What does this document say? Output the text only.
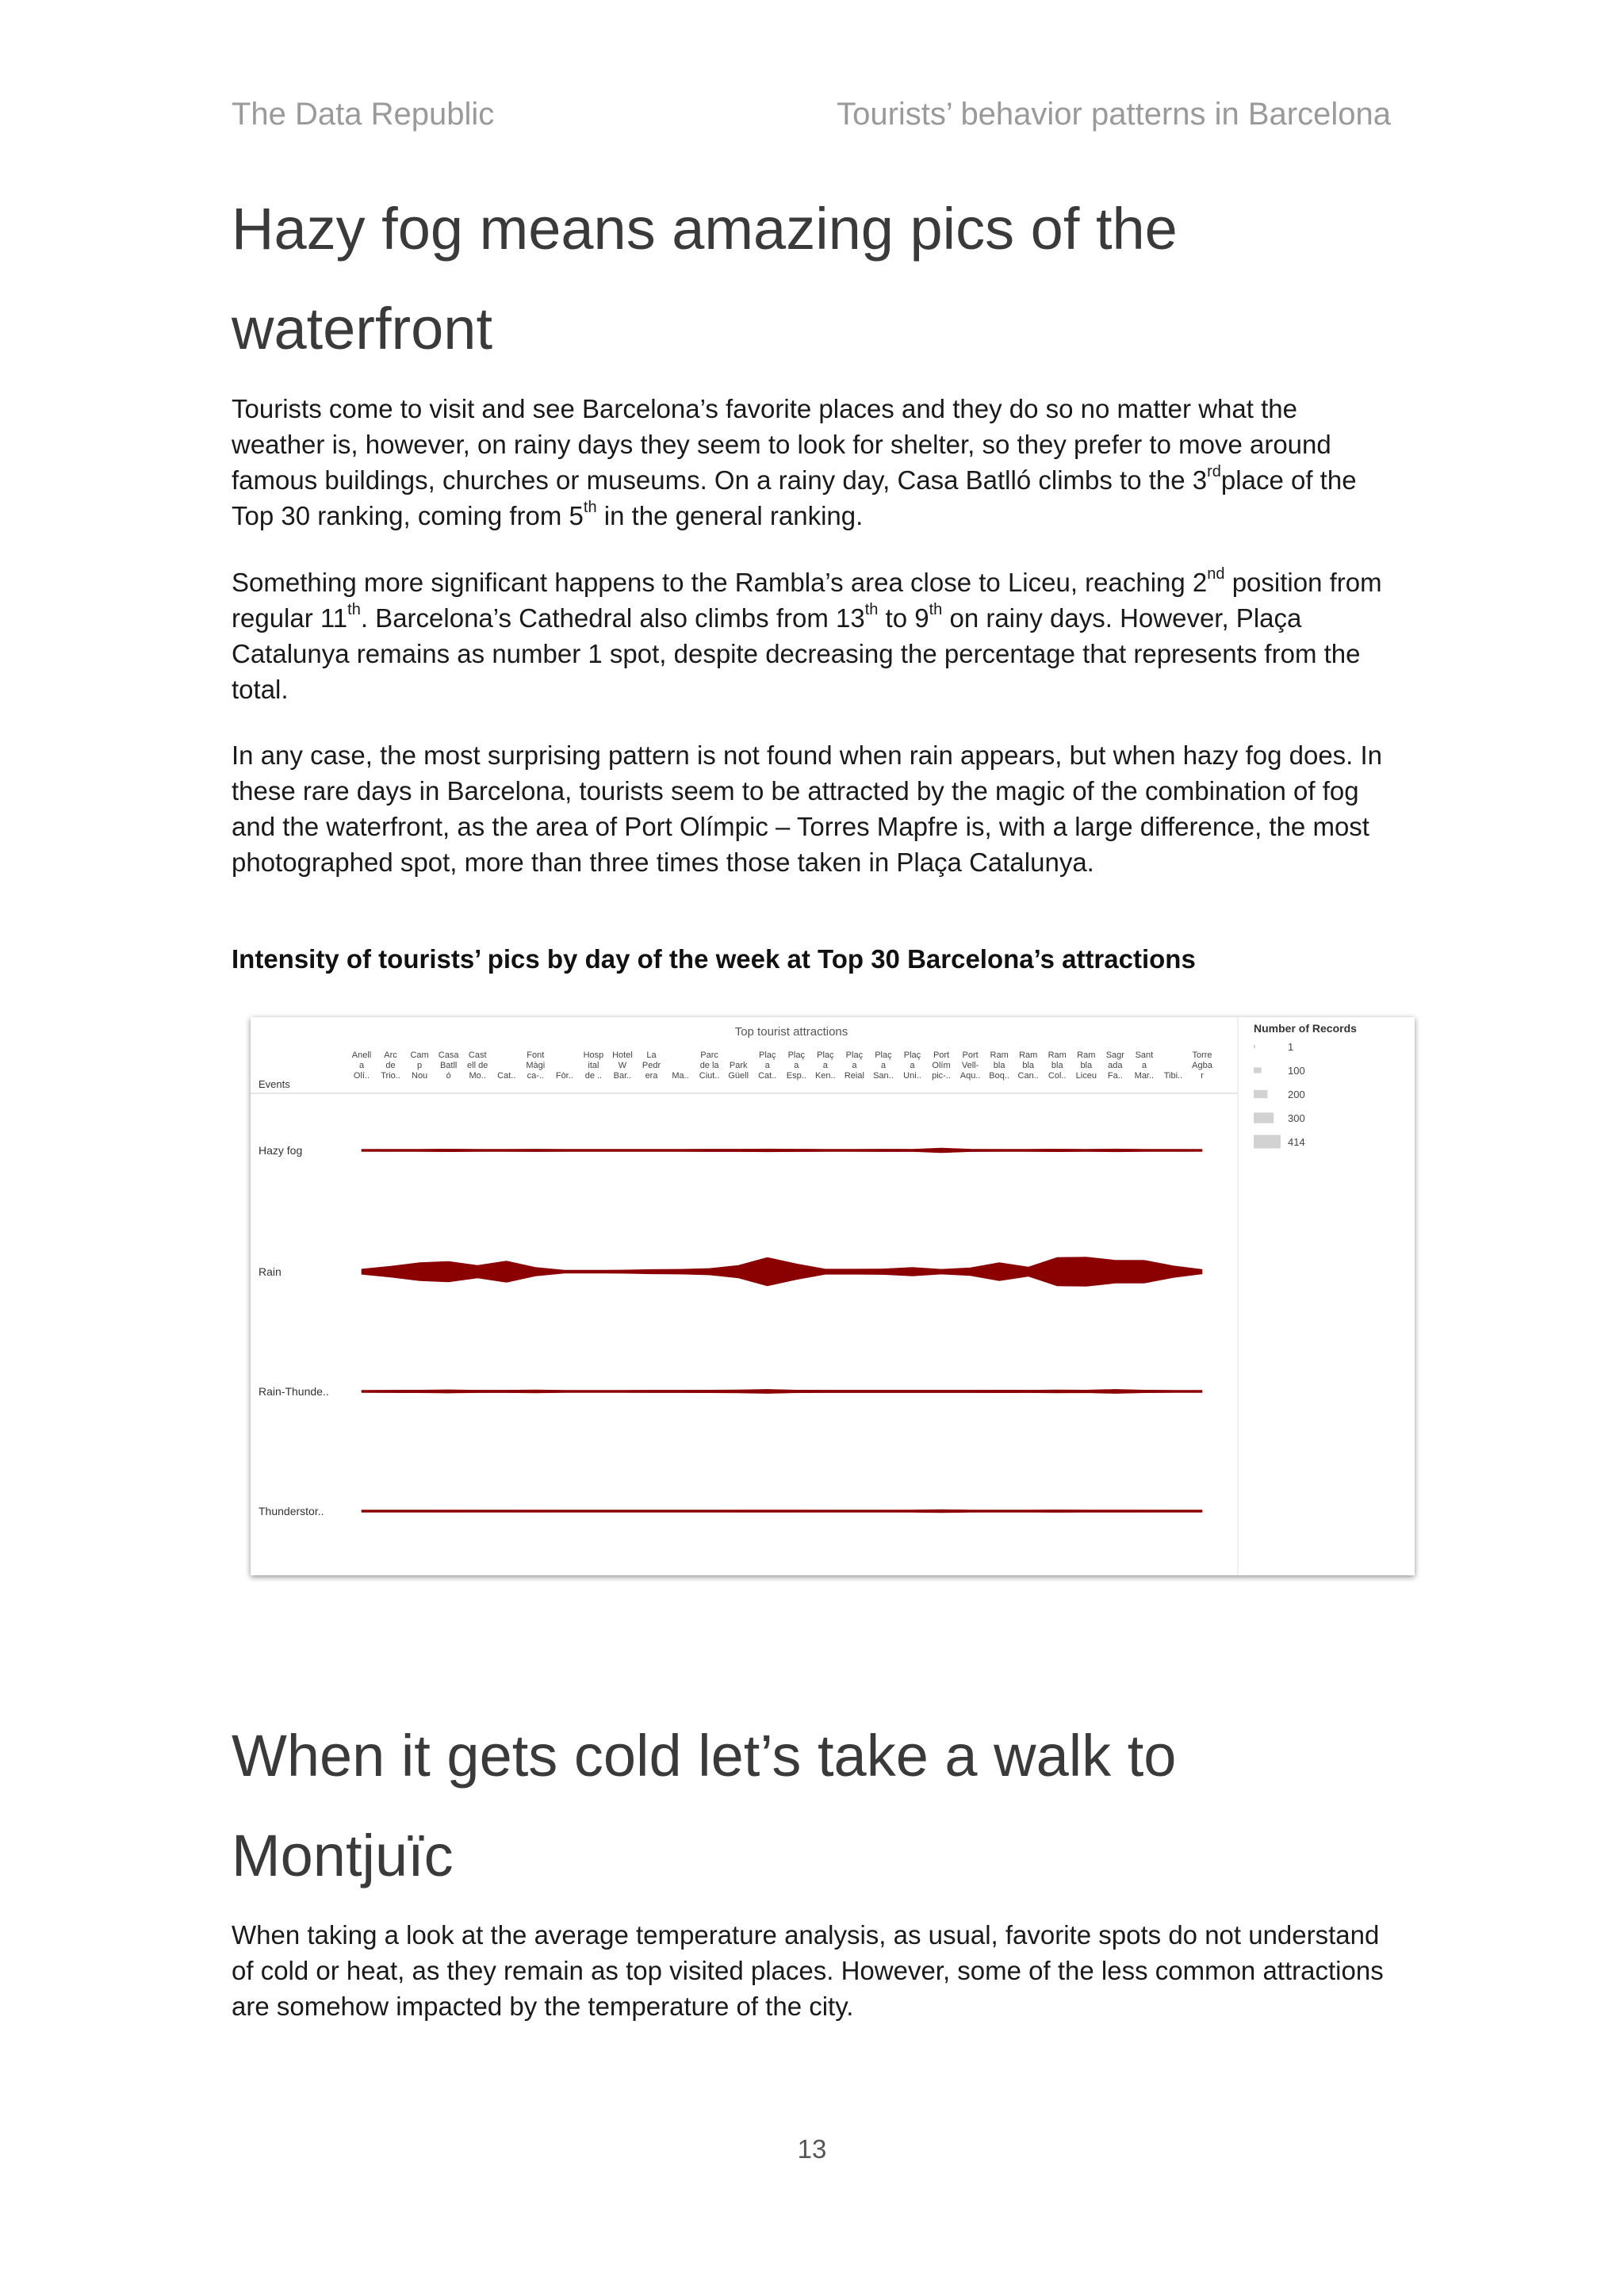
The Data Republic	Tourists’ behavior patterns in Barcelona
Hazy fog means amazing pics of the
waterfront

Tourists come to visit and see Barcelona’s favorite places and they do so no matter what the weather is, however, on rainy days they seem to look for shelter, so they prefer to move around famous buildings, churches or museums. On a rainy day, Casa Batlló climbs to the 3rdplace of the Top 30 ranking, coming from 5th in the general ranking.

Something more significant happens to the Rambla’s area close to Liceu, reaching 2nd position from regular 11th. Barcelona’s Cathedral also climbs from 13th to 9th on rainy days. However, Plaça Catalunya remains as number 1 spot, despite decreasing the percentage that represents from the total.

In any case, the most surprising pattern is not found when rain appears, but when hazy fog does. In these rare days in Barcelona, tourists seem to be attracted by the magic of the combination of fog and the waterfront, as the area of Port Olímpic – Torres Mapfre is, with a large difference, the most photographed spot, more than three times those taken in Plaça Catalunya.

Intensity of tourists’ pics by day of the week at Top 30 Barcelona’s attractions
Top tourist attractions
Events
Anell
a
Olí..
Arc
de
Trio..
Cam
p
Nou
Casa
Batll
ó
Cast
ell de
Mo.. Cat..
Font
Màgi
ca-.. Fòr..
Hosp
ital
de ..
Hotel
W
Bar..
La
Pedr
era Ma..
Parc
de la
Ciut..
Park
Güell
Plaç
a
Cat..
Plaç
a
Esp..
Plaç
a
Ken..
Plaç
a
Reial
Plaç
a
San..
Plaç
a
Uni..
Port
Olím
pic-..
Port
Vell-
Aqu..
Ram
bla
Boq..
Ram
bla
Can..
Ram
bla
Col..
Ram
bla
Liceu
Sagr
ada
Fa..
Sant
a
Mar.. Tibi..
Torre
Agba
r
Hazy fog
Rain
Rain-Thunde..
Thunderstor..
Number of Records
1
100
200
300
414
When it gets cold let’s take a walk to
Montjuïc

When taking a look at the average temperature analysis, as usual, favorite spots do not understand of cold or heat, as they remain as top visited places. However, some of the less common attractions are somehow impacted by the temperature of the city.

13
